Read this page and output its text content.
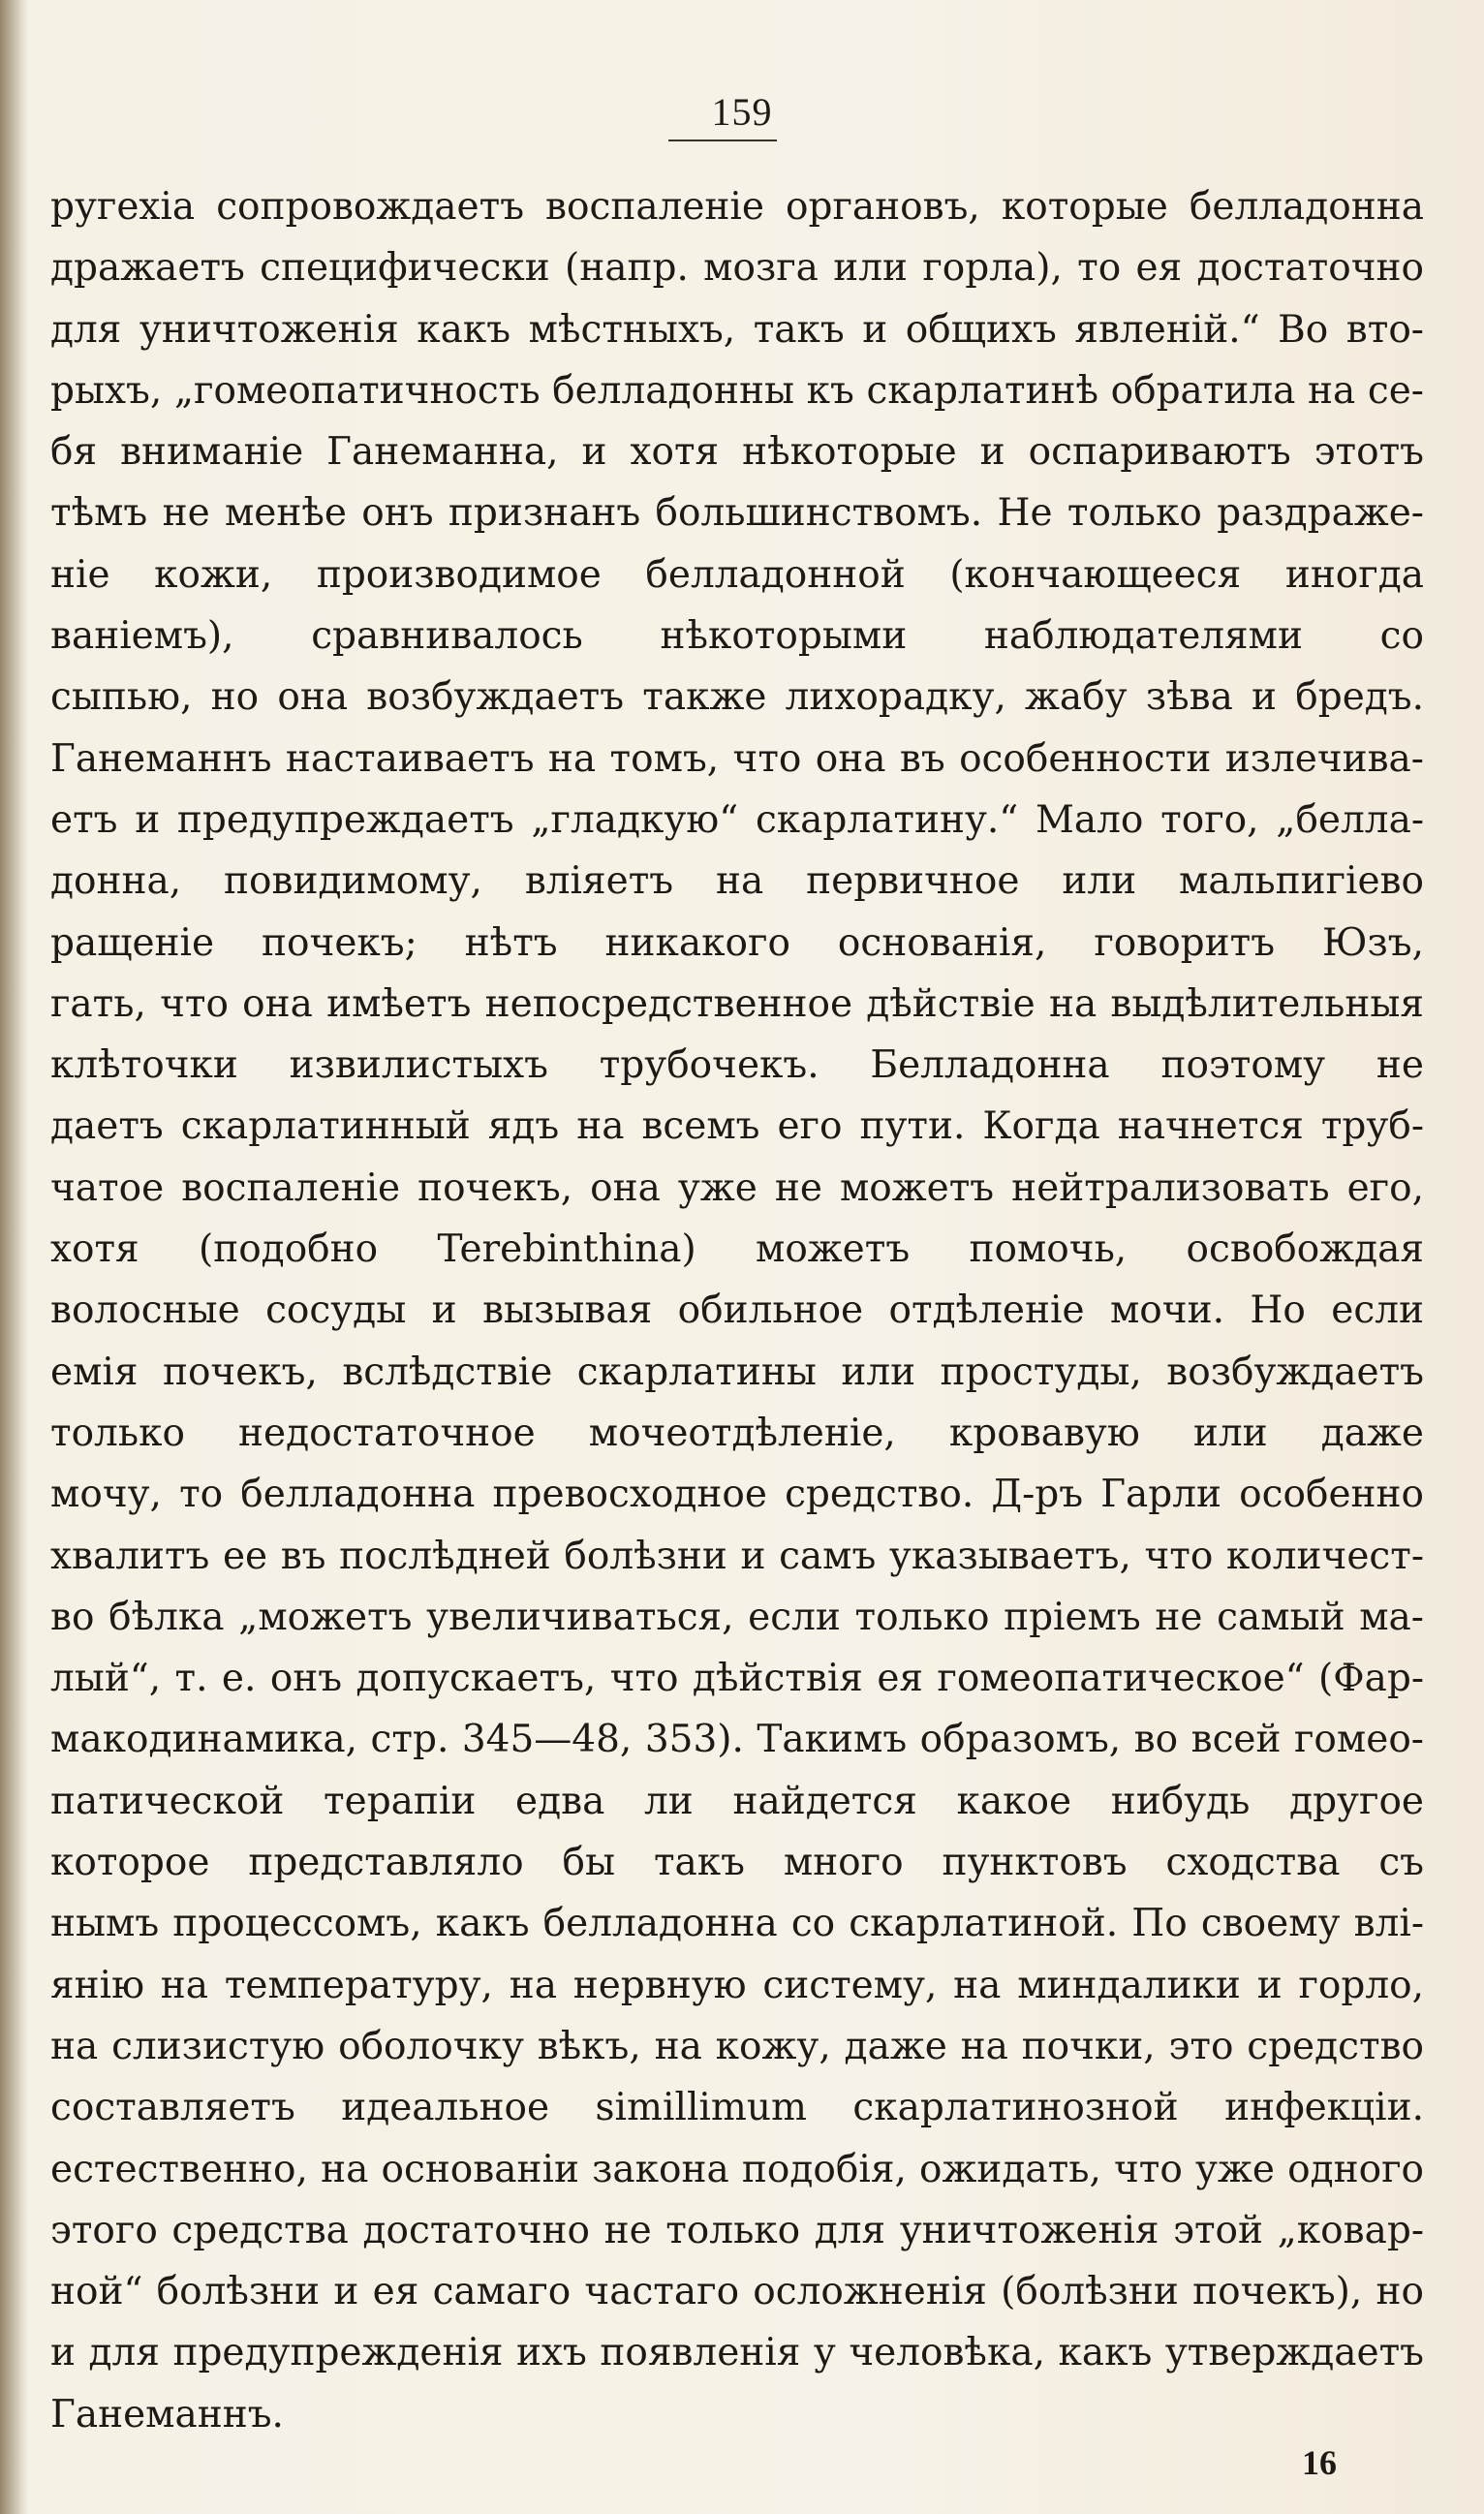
159
ругехіа сопровождаетъ воспаленіе органовъ, которые белладонна
дражаетъ специфически (напр. мозга или горла), то ея достаточно
для уничтоженія какъ мѣстныхъ, такъ и общихъ явленій.“ Во вто-
рыхъ, „гомеопатичность белладонны къ скарлатинѣ обратила на се-
бя вниманіе Ганеманна, и хотя нѣкоторые и оспариваютъ этотъ
тѣмъ не менѣе онъ признанъ большинствомъ. Не только раздраже-
ніе кожи, производимое белладонной (кончающееся иногда
ваніемъ), сравнивалось нѣкоторыми наблюдателями со
сыпью, но она возбуждаетъ также лихорадку, жабу зѣва и бредъ.
Ганеманнъ настаиваетъ на томъ, что она въ особенности излечива-
етъ и предупреждаетъ „гладкую“ скарлатину.“ Мало того, „белла-
донна, повидимому, вліяетъ на первичное или мальпигіево
ращеніе почекъ; нѣтъ никакого основанія, говоритъ Юзъ,
гать, что она имѣетъ непосредственное дѣйствіе на выдѣлительныя
клѣточки извилистыхъ трубочекъ. Белладонна поэтому не
даетъ скарлатинный ядъ на всемъ его пути. Когда начнется труб-
чатое воспаленіе почекъ, она уже не можетъ нейтрализовать его,
хотя (подобно Terebinthina) можетъ помочь, освобождая
волосные сосуды и вызывая обильное отдѣленіе мочи. Но если
емія почекъ, вслѣдствіе скарлатины или простуды, возбуждаетъ
только недостаточное мочеотдѣленіе, кровавую или даже
мочу, то белладонна превосходное средство. Д-ръ Гарли особенно
хвалитъ ее въ послѣдней болѣзни и самъ указываетъ, что количест-
во бѣлка „можетъ увеличиваться, если только пріемъ не самый ма-
лый“, т. е. онъ допускаетъ, что дѣйствія ея гомеопатическое“ (Фар-
макодинамика, стр. 345—48, 353). Такимъ образомъ, во всей гомео-
патической терапіи едва ли найдется какое нибудь другое
которое представляло бы такъ много пунктовъ сходства съ
нымъ процессомъ, какъ белладонна со скарлатиной. По своему влі-
янію на температуру, на нервную систему, на миндалики и горло,
на слизистую оболочку вѣкъ, на кожу, даже на почки, это средство
составляетъ идеальное simillimum скарлатинозной инфекціи.
естественно, на основаніи закона подобія, ожидать, что уже одного
этого средства достаточно не только для уничтоженія этой „ковар-
ной“ болѣзни и ея самаго частаго осложненія (болѣзни почекъ), но
и для предупрежденія ихъ появленія у человѣка, какъ утверждаетъ
Ганеманнъ.
16
